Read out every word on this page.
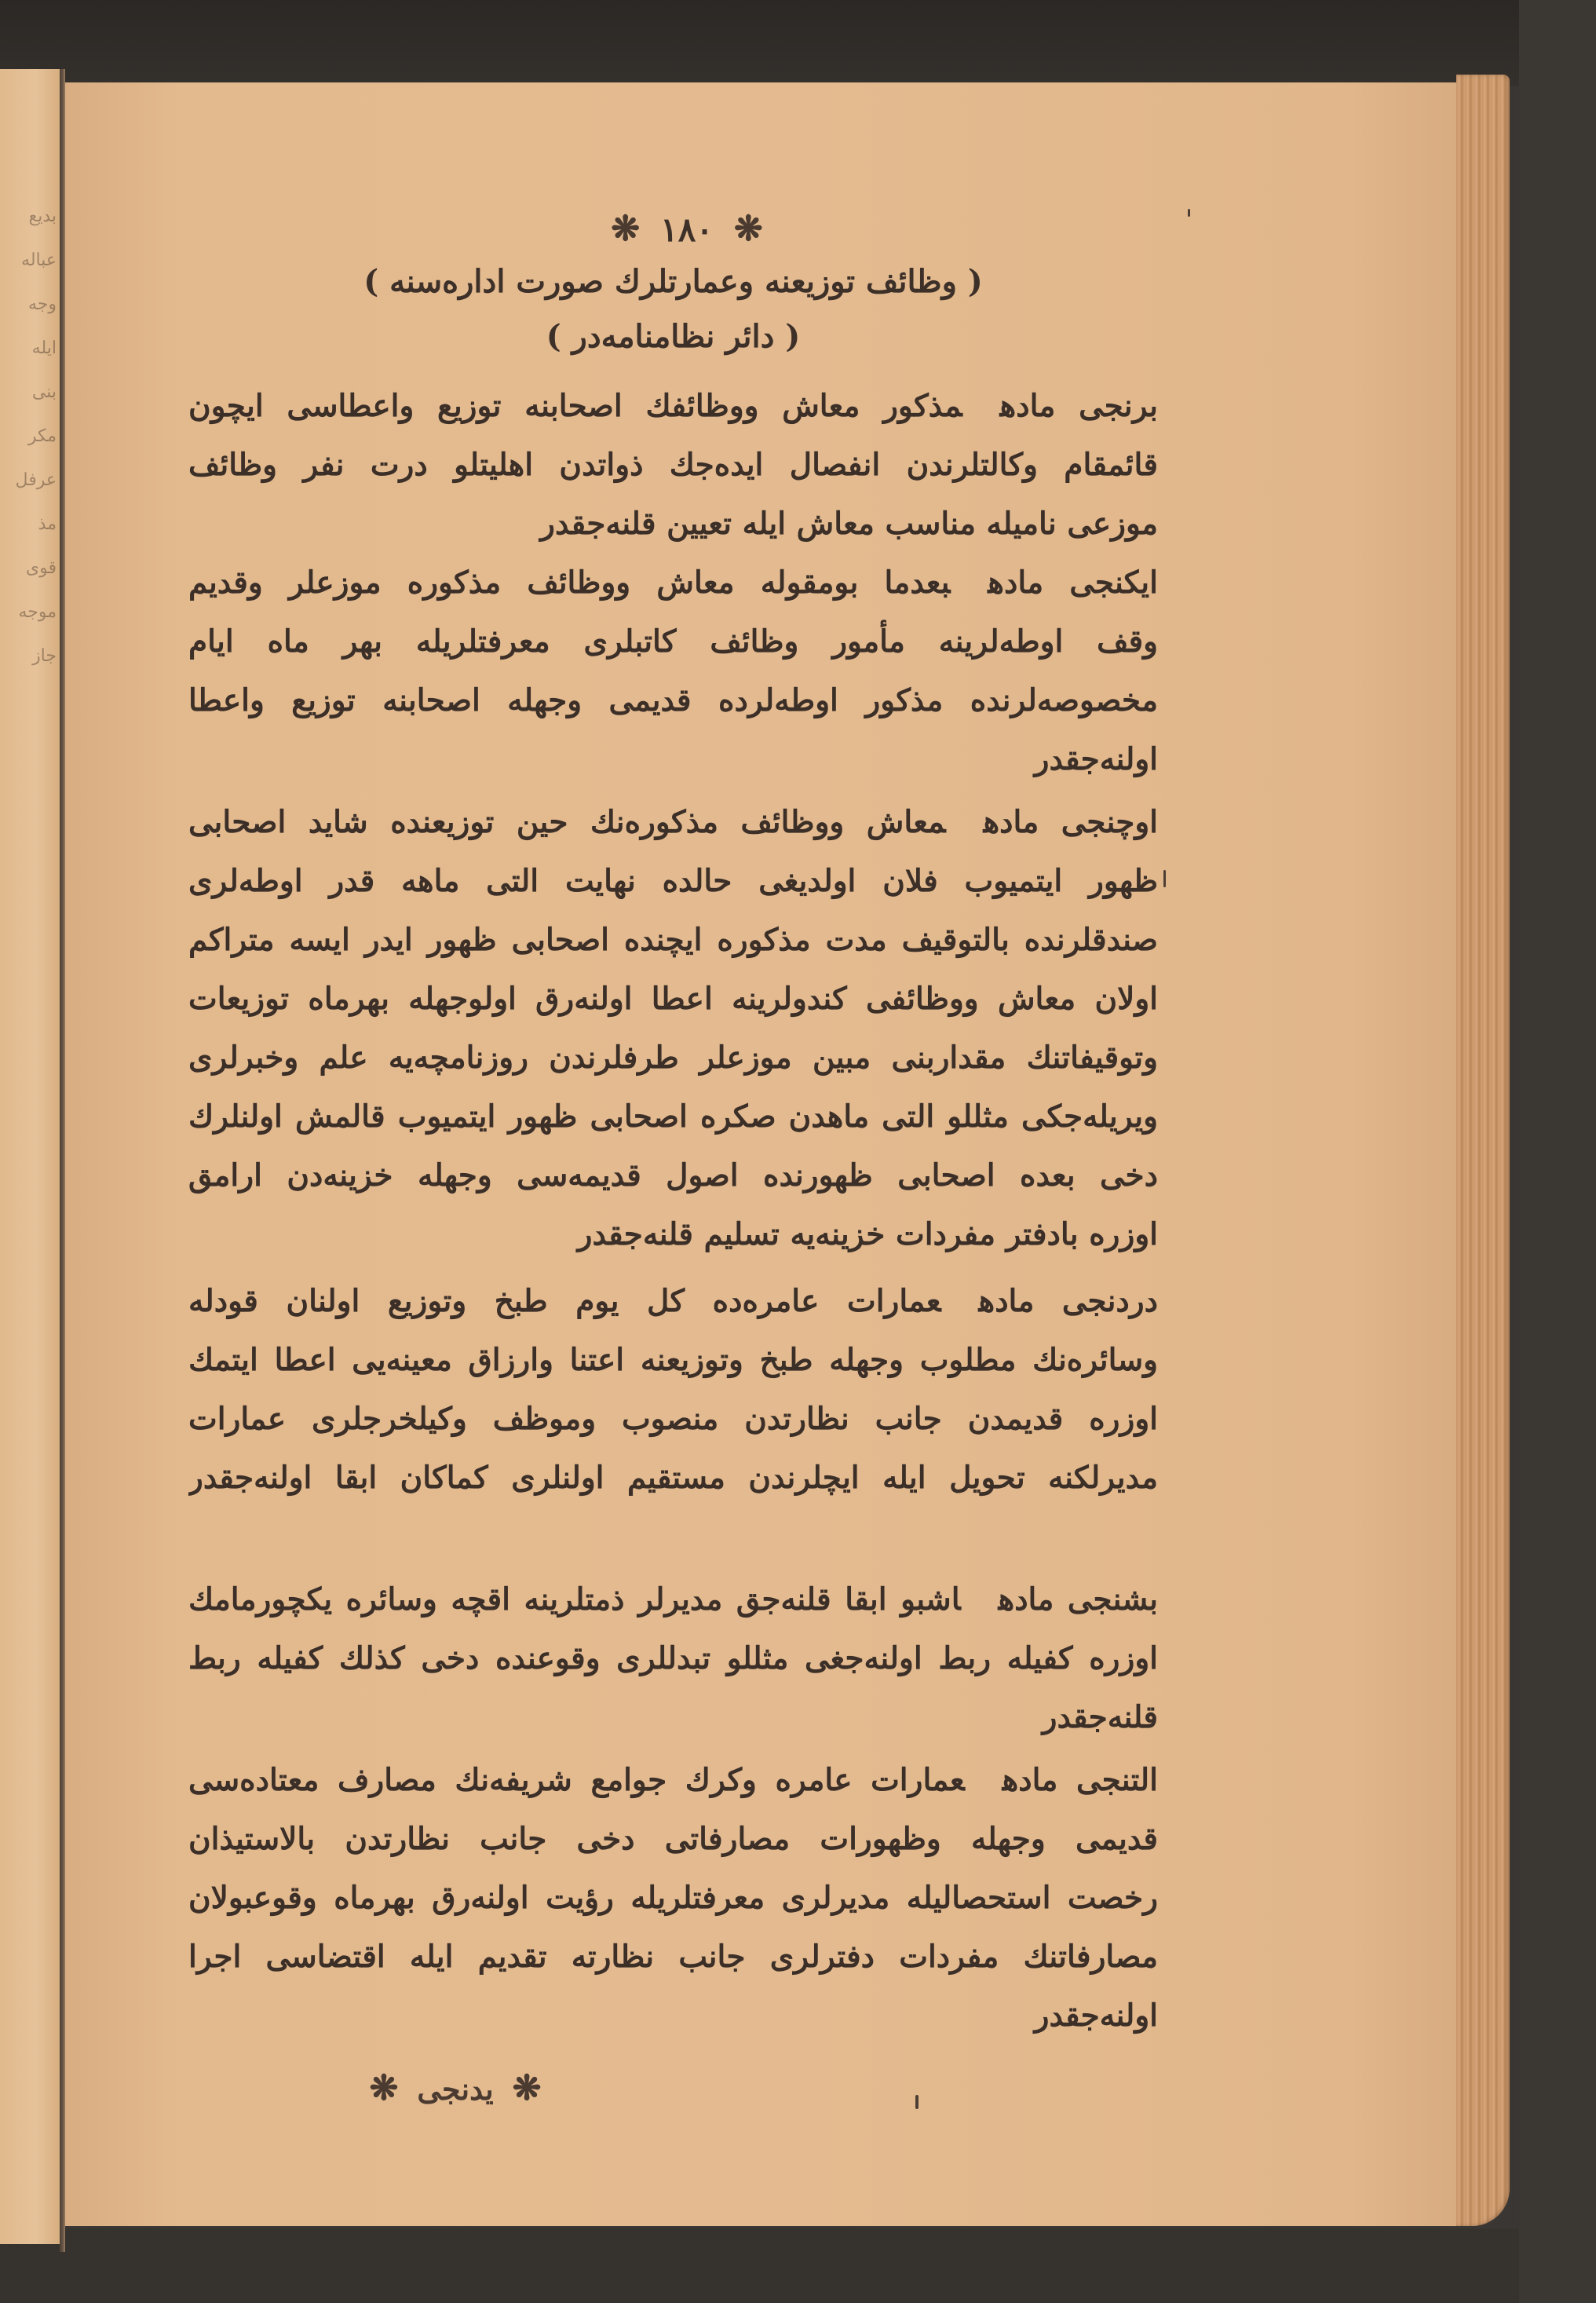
بدیع
عباله
وجه
ایله
بنی
مكر
عرفل
مذ
قوی
موجه
جاز
❋ ١٨٠ ❋
( وظائف توزیعنه وعمارتلرك صورت ادارەسنه )
( دائر نظامنامەدر )
برنجی مادهمذكور معاش ووظائفك اصحابنه توزیع واعطاسی ایچون
قائمقام وكالتلرندن انفصال ایدەجك ذواتدن اهلیتلو درت نفر وظائف
موزعی نامیله مناسب معاش ایله تعیین قلنەجقدر
ایكنجی مادهبعدما بومقوله معاش ووظائف مذكوره موزعلر وقدیم
وقف اوطەلرینه مأمور وظائف كاتبلری معرفتلریله بهر ماه ایام
مخصوصەلرنده مذكور اوطەلرده قدیمی وجهله اصحابنه توزیع واعطا
اولنەجقدر
اوچنجی مادهمعاش ووظائف مذكورەنك حین توزیعنده شاید اصحابی
ظهور ایتمیوب فلان اولدیغی حالده نهایت التی ماهه قدر اوطەلری
صندقلرنده بالتوقیف مدت مذكوره ایچنده اصحابی ظهور ایدر ایسه متراكم
اولان معاش ووظائفی كندولرینه اعطا اولنەرق اولوجهله بهرماه توزیعات
وتوقیفاتنك مقداربنی مبین موزعلر طرفلرندن روزنامچەیه علم وخبرلری
ویریلەجكی مثللو التی ماهدن صكرە اصحابی ظهور ایتمیوب قالمش اولنلرك
دخی بعده اصحابی ظهورنده اصول قدیمەسی وجهله خزینەدن ارامق
اوزره بادفتر مفردات خزینەیه تسلیم قلنەجقدر
دردنجی مادهعمارات عامرەده كل یوم طبخ وتوزیع اولنان قودله
وسائرەنك مطلوب وجهله طبخ وتوزیعنه اعتنا وارزاق معینەیی اعطا ایتمك
اوزره قدیمدن جانب نظارتدن منصوب وموظف وكیلخرجلری عمارات
مدیرلكنه تحویل ایله ایچلرندن مستقیم اولنلری كماكان ابقا اولنەجقدر
بشنجی مادهاشبو ابقا قلنەجق مدیرلر ذمتلرینه اقچه وسائره یكچورمامك
اوزره كفیله ربط اولنەجغی مثللو تبدللری وقوعنده دخی كذلك كفیله ربط
قلنەجقدر
التنجی مادهعمارات عامره وكرك جوامع شریفەنك مصارف معتادەسی
قدیمی وجهله وظهورات مصارفاتی دخی جانب نظارتدن بالاستیذان
رخصت استحصالیله مدیرلری معرفتلریله رؤیت اولنەرق بهرماه وقوعبولان
مصارفاتنك مفردات دفترلری جانب نظارته تقدیم ایله اقتضاسی اجرا
اولنەجقدر
❋
یدنجی
❋
